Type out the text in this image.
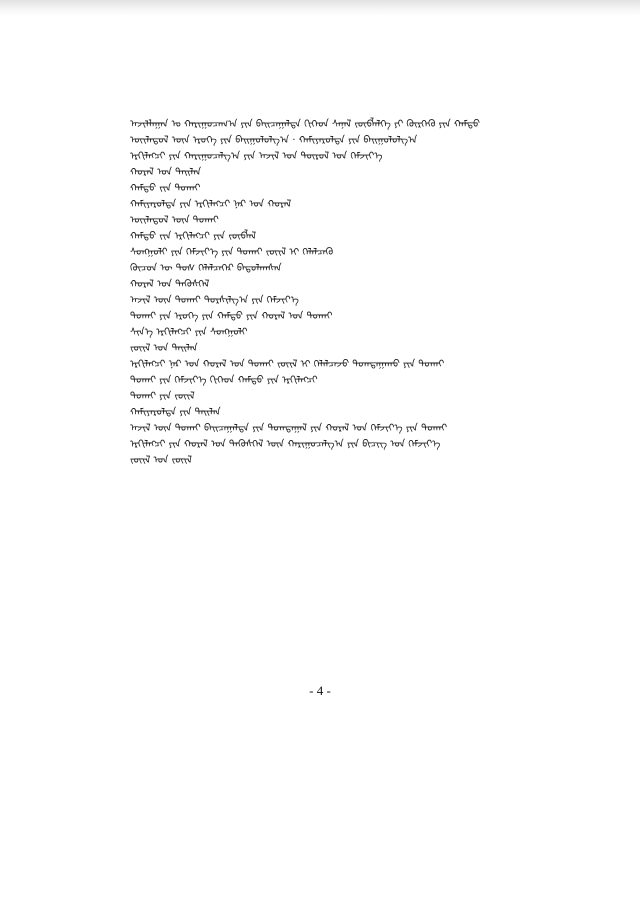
ᠠᠵᠢᠯᠯᠠᠭᠠᠨ ᠤ ᠬᠠᠷᠢᠭᠤᠴᠠᠭ᠎ᠠ ᠶᠢᠨ ᠪᠠᠢᠴᠠᠭᠠᠯᠲᠠ ᠬᠢᠭᠡᠳ ᠰᠠᠨᠠᠯ ᠵᠥᠪᠯᠡᠯᠭᠡ ᠶᠢ ᠬᠦᠷᠭᠡᠬᠦ ᠶᠢᠨ ᠬᠠᠮᠲᠤ
ᠦᠢᠯᠡᠳᠦᠯ ᠦᠨ ᠡᠷᠦᠬᠡ ᠶᠢᠨ ᠪᠠᠢᠭᠤᠯᠤᠯᠭ᠎ᠠ · ᠬᠠᠮᠢᠶᠠᠷᠤᠯᠲᠠ ᠶᠢᠨ ᠪᠠᠢᠭᠤᠯᠤᠯᠭ᠎ᠠ
ᠡᠷᠬᠢᠯᠡᠭᠴᠢ ᠶᠢᠨ ᠬᠠᠷᠢᠭᠤᠴᠠᠯᠭ᠎ᠠ ᠶᠢᠨ ᠠᠵᠢᠯ ᠤᠨ ᠲᠦᠷᠦᠯ ᠤᠨ ᠬᠡᠮᠵᠢᠶ᠎ᠡ
ᠬᠤᠷᠠᠯ ᠤᠨ ᠲᠠᠢᠯᠠᠨ
ᠬᠠᠮᠲᠤ ᠵᠢᠨ ᠲᠤᠬᠠᠢ
ᠬᠠᠮᠢᠶᠠᠷᠤᠯᠲᠠ ᠶᠢᠨ ᠡᠷᠬᠢᠯᠡᠭᠴᠢ ᠨᠠᠷ ᠤᠨ ᠬᠤᠷᠠᠯ
ᠦᠢᠯᠡᠳᠦᠯ ᠦᠨ ᠲᠤᠬᠠᠢ
ᠬᠠᠮᠲᠤ ᠵᠢᠨ ᠡᠷᠬᠢᠯᠡᠭᠴᠢ ᠶᠢᠨ ᠵᠥᠪᠯᠡᠯ
ᠰᠤᠩᠭ᠋ᠤᠯᠢ ᠶᠢᠨ ᠬᠡᠮᠵᠢᠶ᠎ᠡ ᠶᠢᠨ ᠲᠤᠬᠠᠢ ᠵᠦᠢᠯ ᠢ ᠬᠡᠯᠡᠯᠴᠡᠬᠦ
ᠬᠦᠴᠦᠨ ᠦ ᠲᠤᠰ ᠬᠡᠯᠡᠯᠴᠡᠬᠡᠷ ᠪᠠᠲᠤᠯᠠᠭᠰᠠᠨ
ᠬᠤᠷᠠᠯ ᠤᠨ ᠲᠡᠭᠦᠰᠬᠡᠯ
ᠠᠵᠢᠯ ᠦᠨ ᠲᠤᠬᠠᠢ ᠲᠤᠷᠰᠢᠯᠭ᠎ᠠ ᠶᠢᠨ ᠬᠡᠮᠵᠢᠶ᠎ᠡ
ᠲᠤᠬᠠᠢ ᠶᠢᠨ ᠡᠷᠦᠬᠡ ᠶᠢᠨ ᠬᠠᠮᠲᠤ ᠶᠢᠨ ᠬᠤᠷᠠᠯ ᠤᠨ ᠲᠤᠬᠠᠢ
ᠰᠢᠨ᠎ᠡ ᠡᠷᠬᠢᠯᠡᠭᠴᠢ ᠶᠢᠨ ᠰᠤᠩᠭ᠋ᠤᠯᠢ
ᠵᠦᠢᠯ ᠤᠨ ᠲᠠᠢᠯᠠᠨ
ᠡᠷᠬᠢᠯᠡᠭᠴᠢ ᠨᠠᠷ ᠤᠨ ᠬᠤᠷᠠᠯ ᠤᠨ ᠲᠤᠬᠠᠢ ᠵᠦᠢᠯ ᠢ ᠬᠡᠯᠡᠯᠴᠡᠵᠦ ᠲᠤᠭᠲᠠᠭᠠᠬᠤ ᠶᠢᠨ ᠲᠤᠬᠠᠢ
ᠲᠤᠬᠠᠢ ᠶᠢᠨ ᠬᠡᠮᠵᠢᠶ᠎ᠡ ᠬᠢᠭᠡᠳ ᠬᠠᠮᠲᠤ ᠶᠢᠨ ᠡᠷᠬᠢᠯᠡᠭᠴᠢ
ᠲᠤᠬᠠᠢ ᠶᠢᠨ ᠵᠦᠢᠯ
ᠬᠠᠮᠢᠶᠠᠷᠤᠯᠲᠠ ᠶᠢᠨ ᠲᠠᠢᠯᠠᠨ
ᠠᠵᠢᠯ ᠦᠨ ᠲᠤᠬᠠᠢ ᠪᠠᠢᠴᠠᠭᠠᠯᠲᠠ ᠶᠢᠨ ᠲᠤᠭᠲᠠᠭᠠᠯ ᠶᠢᠨ ᠬᠤᠷᠠᠯ ᠤᠨ ᠬᠡᠮᠵᠢᠶ᠎ᠡ ᠶᠢᠨ ᠲᠤᠬᠠᠢ
ᠡᠷᠬᠢᠯᠡᠭᠴᠢ ᠶᠢᠨ ᠬᠤᠷᠠᠯ ᠤᠨ ᠲᠡᠭᠦᠰᠬᠡᠯ ᠦᠨ ᠬᠠᠷᠢᠭᠤᠴᠠᠯᠭ᠎ᠠ ᠶᠢᠨ ᠪᠢᠴᠢᠭ ᠤᠨ ᠬᠡᠮᠵᠢᠶ᠎ᠡ
ᠵᠦᠢᠯ ᠤᠨ ᠵᠦᠢᠯ
- 4 -
